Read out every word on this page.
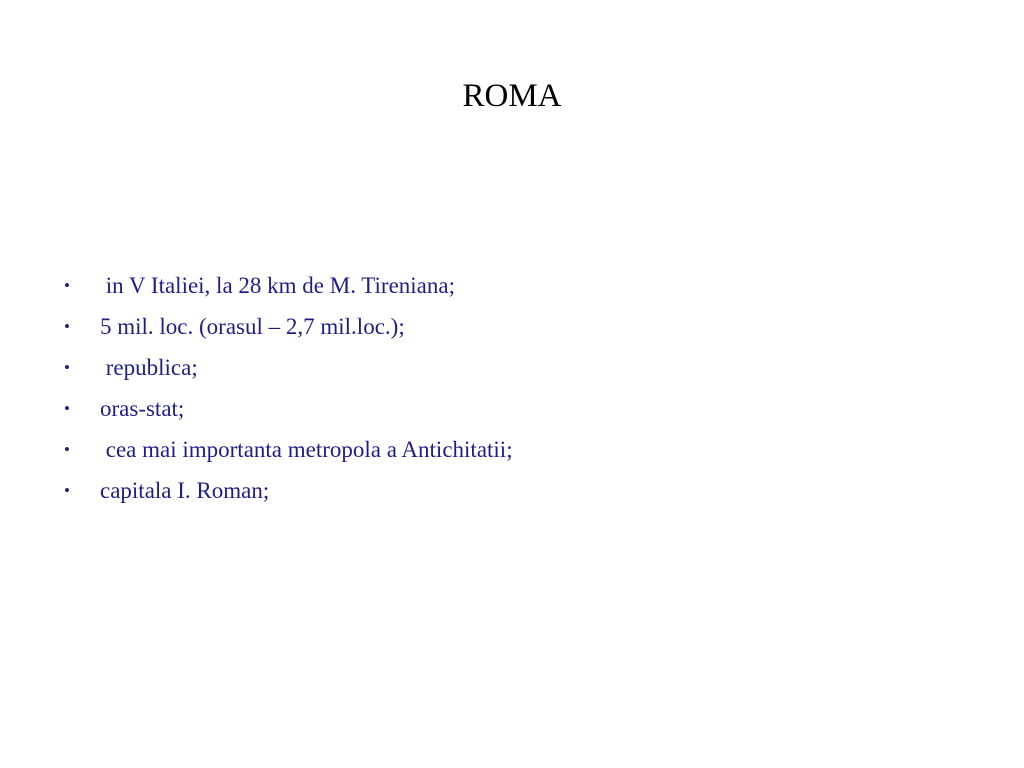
ROMA

•

in V Italiei, la 28 km de M. Tireniana;

•

5 mil. loc. (orasul – 2,7 mil.loc.);

•

republica;

•

oras-stat;

•

cea mai importanta metropola a Antichitatii;

•

capitala I. Roman;
